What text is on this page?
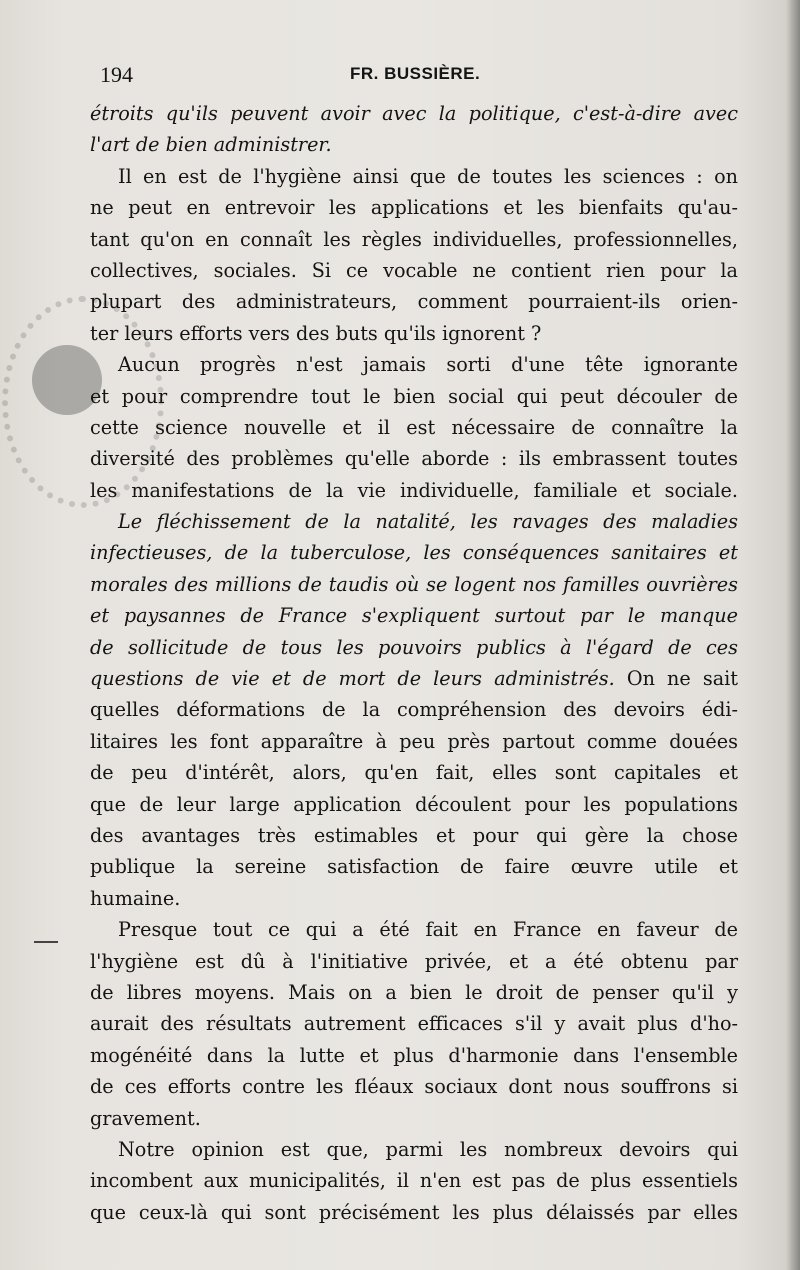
194	FR. BUSSIÈRE.
étroits qu'ils peuvent avoir avec la politique, c'est-à-dire avec
l'art de bien administrer.
Il en est de l'hygiène ainsi que de toutes les sciences : on
ne peut en entrevoir les applications et les bienfaits qu'au-
tant qu'on en connaît les règles individuelles, professionnelles,
collectives, sociales. Si ce vocable ne contient rien pour la
plupart des administrateurs, comment pourraient-ils orien-
ter leurs efforts vers des buts qu'ils ignorent ?
Aucun progrès n'est jamais sorti d'une tête ignorante
et pour comprendre tout le bien social qui peut découler de
cette science nouvelle et il est nécessaire de connaître la
diversité des problèmes qu'elle aborde : ils embrassent toutes
les manifestations de la vie individuelle, familiale et sociale.
Le fléchissement de la natalité, les ravages des maladies
infectieuses, de la tuberculose, les conséquences sanitaires et
morales des millions de taudis où se logent nos familles ouvrières
et paysannes de France s'expliquent surtout par le manque
de sollicitude de tous les pouvoirs publics à l'égard de ces
questions de vie et de mort de leurs administrés. On ne sait
quelles déformations de la compréhension des devoirs édi-
litaires les font apparaître à peu près partout comme douées
de peu d'intérêt, alors, qu'en fait, elles sont capitales et
que de leur large application découlent pour les populations
des avantages très estimables et pour qui gère la chose
publique la sereine satisfaction de faire œuvre utile et
humaine.
Presque tout ce qui a été fait en France en faveur de
l'hygiène est dû à l'initiative privée, et a été obtenu par
de libres moyens. Mais on a bien le droit de penser qu'il y
aurait des résultats autrement efficaces s'il y avait plus d'ho-
mogénéité dans la lutte et plus d'harmonie dans l'ensemble
de ces efforts contre les fléaux sociaux dont nous souffrons si
gravement.
Notre opinion est que, parmi les nombreux devoirs qui
incombent aux municipalités, il n'en est pas de plus essentiels
que ceux-là qui sont précisément les plus délaissés par elles
